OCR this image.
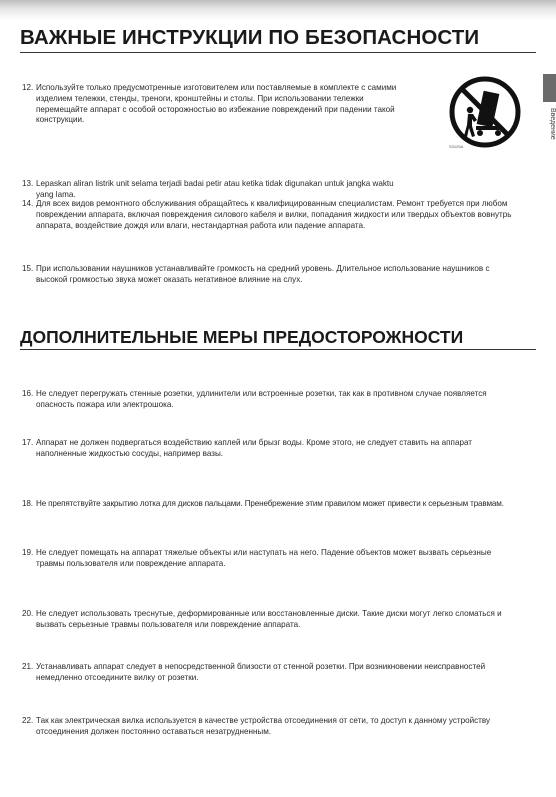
ВАЖНЫЕ ИНСТРУКЦИИ ПО БЕЗОПАСНОСТИ
Введение
S3125A
12. Используйте только предусмотренные изготовителем или поставляемые в комплекте с самими изделием тележки, стенды, треноги, кронштейны и столы. При использовании тележки перемещайте аппарат с особой осторожностью во избежание повреждений при падении такой конструкции.
13. Lepaskan aliran listrik unit selama terjadi badai petir atau ketika tidak digunakan untuk jangka waktu yang lama.
14. Для всех видов ремонтного обслуживания обращайтесь к квалифицированным специалистам. Ремонт требуется при любом повреждении аппарата, включая повреждения силового кабеля и вилки, попадания жидкости или твердых объектов вовнутрь аппарата, воздействие дождя или влаги, нестандартная работа или падение аппарата.
15. При использовании наушников устанавливайте громкость на средний уровень. Длительное использование наушников с высокой громкостью звука может оказать негативное влияние на слух.
ДОПОЛНИТЕЛЬНЫЕ МЕРЫ ПРЕДОСТОРОЖНОСТИ
16. Не следует перегружать стенные розетки, удлинители или встроенные розетки, так как в противном случае появляется опасность пожара или электрошока.
17. Аппарат не должен подвергаться воздействию каплей или брызг воды. Кроме этого, не следует ставить на аппарат наполненные жидкостью сосуды, например вазы.
18. Не препятствуйте закрытию лотка для дисков пальцами. Пренебрежение этим правилом может привести к серьезным травмам.
19. Не следует помещать на аппарат тяжелые объекты или наступать на него. Падение объектов может вызвать серьезные травмы пользователя или повреждение аппарата.
20. Не следует использовать треснутые, деформированные или восстановленные диски. Такие диски могут легко сломаться и вызвать серьезные травмы пользователя или повреждение аппарата.
21. Устанавливать аппарат следует в непосредственной близости от стенной розетки. При возникновении неисправностей немедленно отсоедините вилку от розетки.
22. Так как электрическая вилка используется в качестве устройства отсоединения от сети, то доступ к данному устройству отсоединения должен постоянно оставаться незатрудненным.
